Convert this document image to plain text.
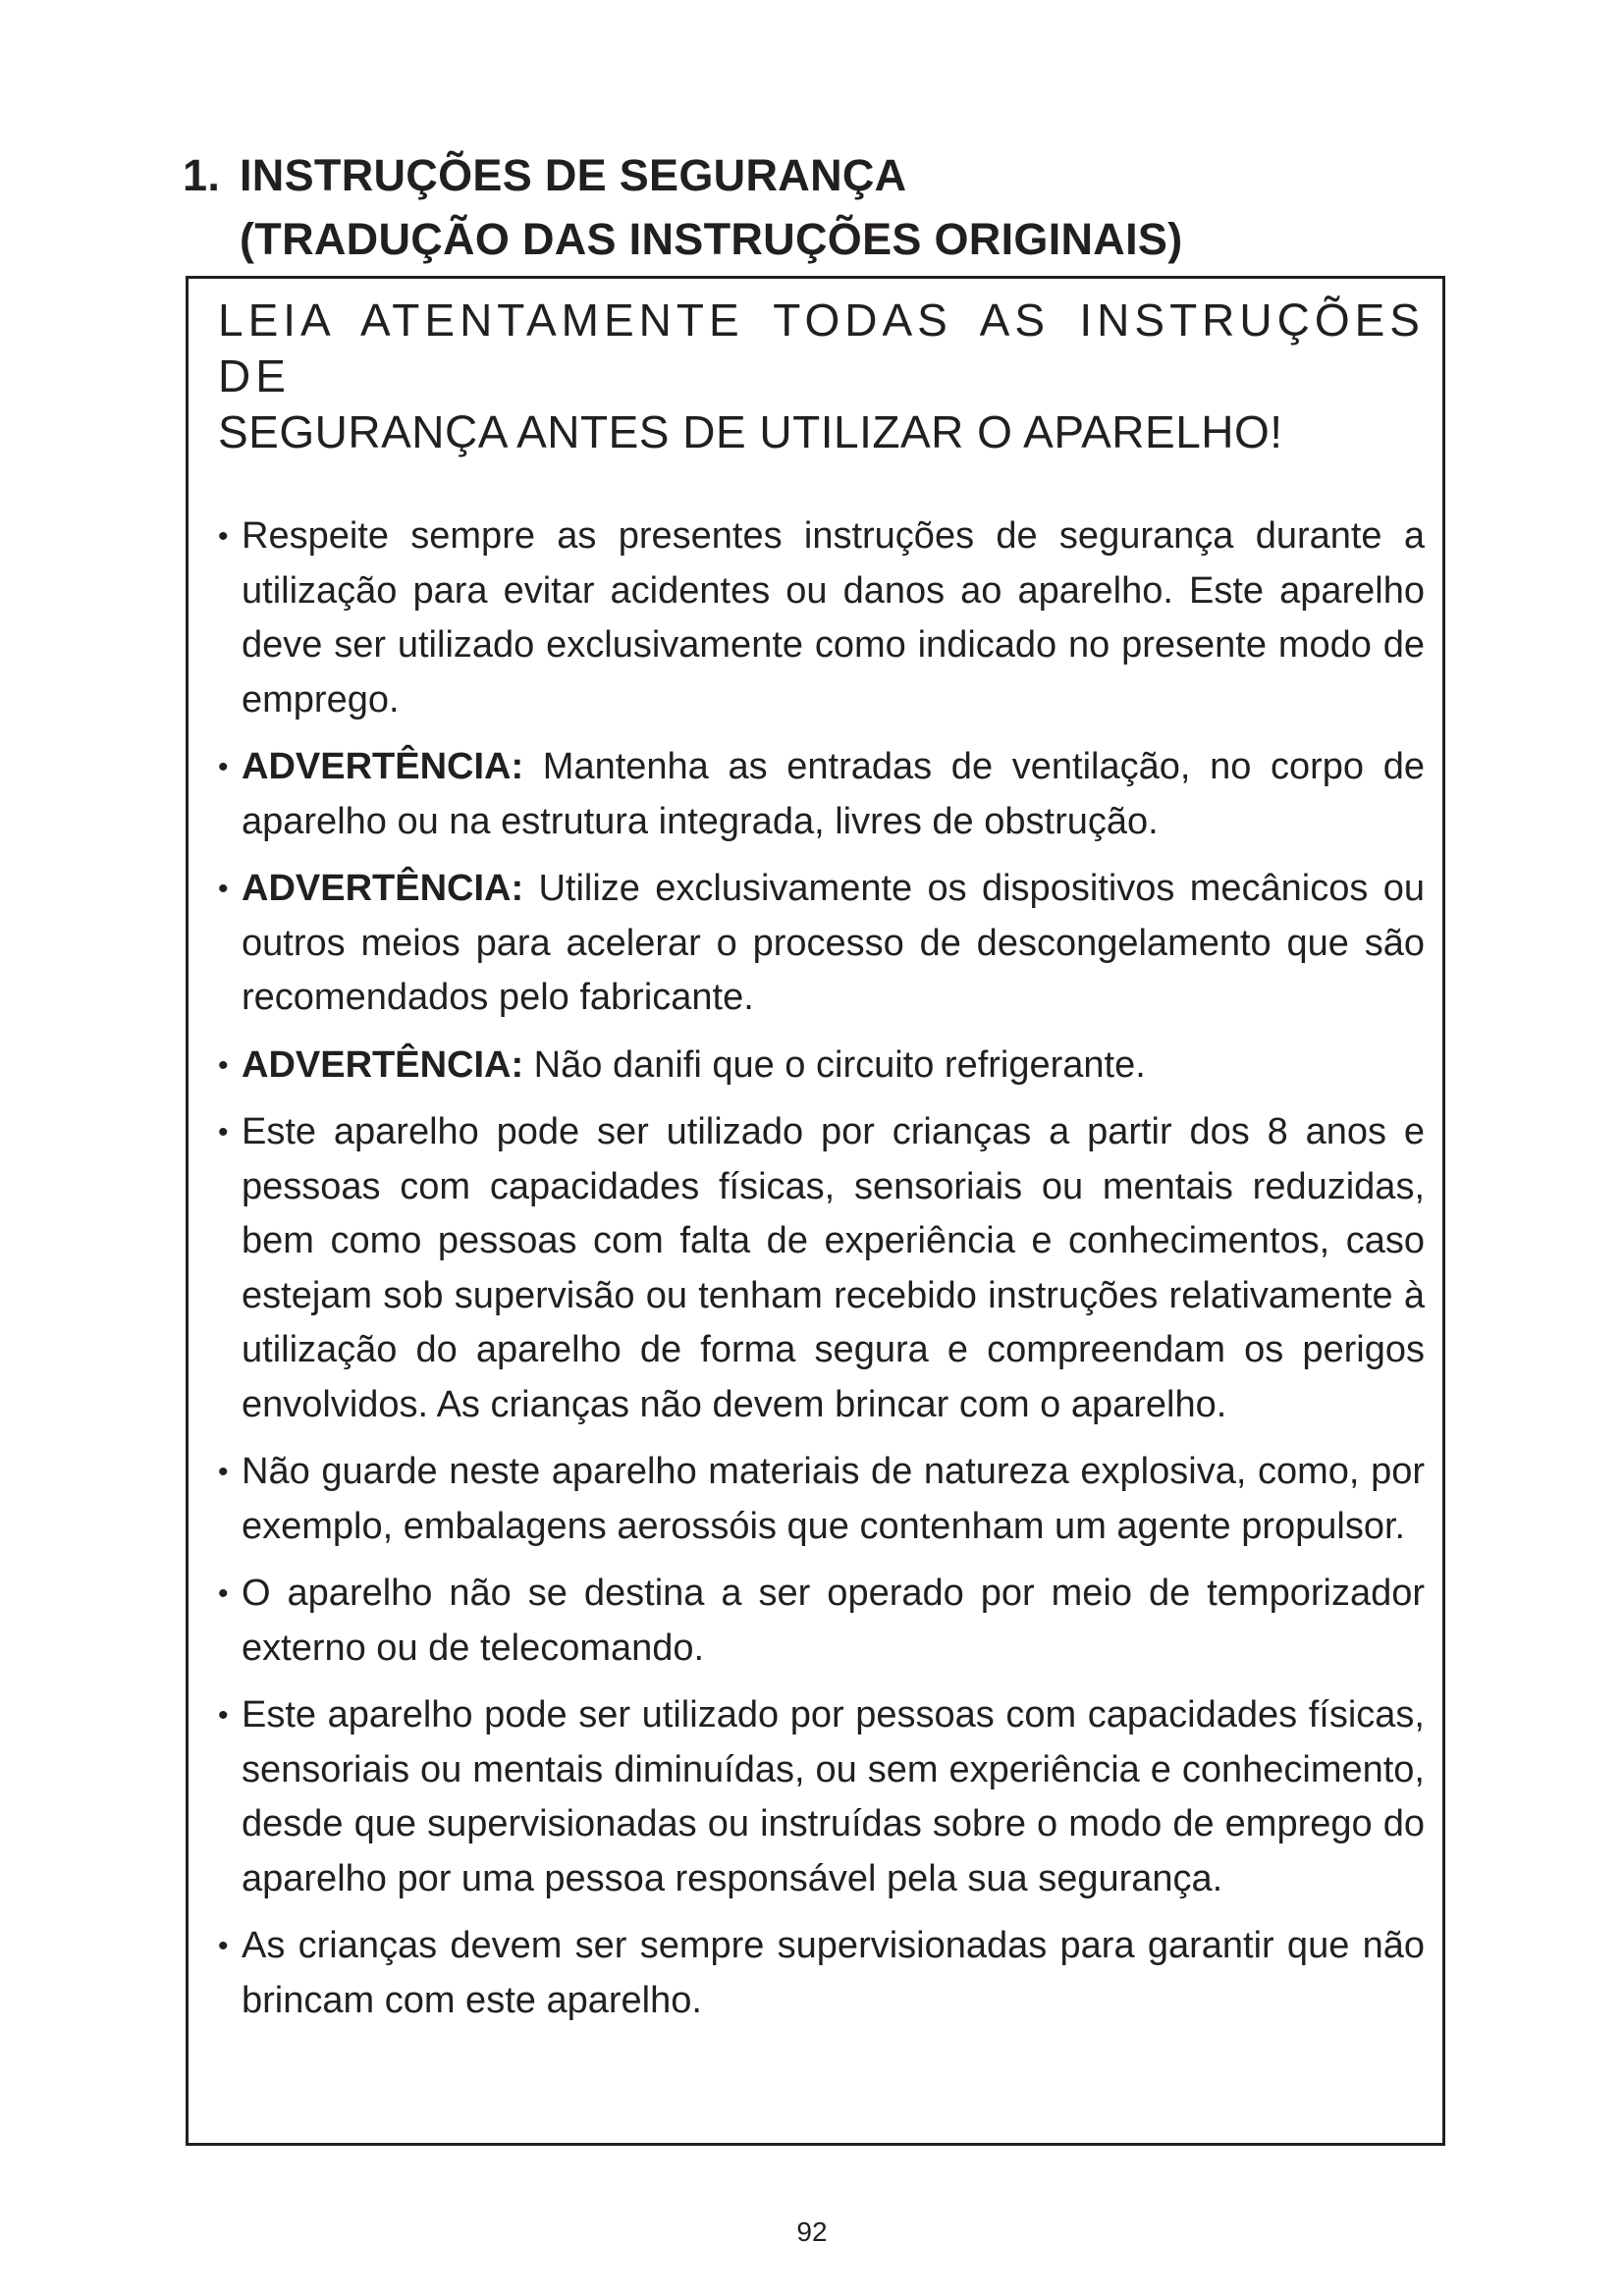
1. INSTRUÇÕES DE SEGURANÇA
(TRADUÇÃO DAS INSTRUÇÕES ORIGINAIS)

LEIA ATENTAMENTE TODAS AS INSTRUÇÕES DE
SEGURANÇA ANTES DE UTILIZAR O APARELHO!

• Respeite sempre as presentes instruções de segurança durante a utilização para evitar acidentes ou danos ao aparelho. Este aparelho deve ser utilizado exclusivamente como indicado no presente modo de emprego.
• ADVERTÊNCIA: Mantenha as entradas de ventilação, no corpo de aparelho ou na estrutura integrada, livres de obstrução.
• ADVERTÊNCIA: Utilize exclusivamente os dispositivos mecânicos ou outros meios para acelerar o processo de descongelamento que são recomendados pelo fabricante.
• ADVERTÊNCIA: Não danifi que o circuito refrigerante.
• Este aparelho pode ser utilizado por crianças a partir dos 8 anos e pessoas com capacidades físicas, sensoriais ou mentais reduzidas, bem como pessoas com falta de experiência e conhecimentos, caso estejam sob supervisão ou tenham recebido instruções relativamente à utilização do aparelho de forma segura e compreendam os perigos envolvidos. As crianças não devem brincar com o aparelho.
• Não guarde neste aparelho materiais de natureza explosiva, como, por exemplo, embalagens aerossóis que contenham um agente propulsor.
• O aparelho não se destina a ser operado por meio de temporizador externo ou de telecomando.
• Este aparelho pode ser utilizado por pessoas com capacidades físicas, sensoriais ou mentais diminuídas, ou sem experiência e conhecimento, desde que supervisionadas ou instruídas sobre o modo de emprego do aparelho por uma pessoa responsável pela sua segurança.
• As crianças devem ser sempre supervisionadas para garantir que não brincam com este aparelho.
92
